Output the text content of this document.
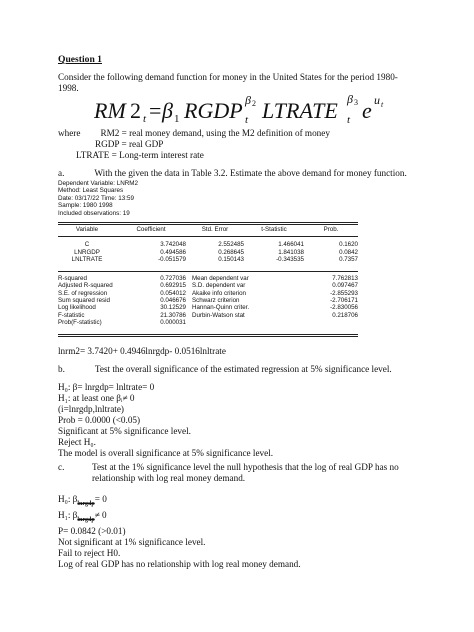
Question 1
Consider the following demand function for money in the United States for the period 1980-1998.
RM 2 t = β 1 RGDP t
β 2 LTRATE t
β 3 e u t
where RM2 = real money demand, using the M2 definition of money
RGDP = real GDP
LTRATE = Long-term interest rate
a.	With the given the data in Table 3.2. Estimate the above demand for money function.
Dependent Variable: LNRM2
Method: Least Squares
Date: 03/17/22 Time: 13:59
Sample: 1980 1998
Included observations: 19
Variable	Coefficient	Std. Error	t-Statistic	Prob.

C	3.742048	2.552485	1.466041	0.1620
LNRGDP	0.494586	0.268645	1.841038	0.0842
LNLTRATE	-0.051579	0.150143	-0.343535	0.7357

R-squared	0.727036	Mean dependent var		7.762813
Adjusted R-squared	0.692915	S.D. dependent var		0.097467
S.E. of regression	0.054012	Akaike info criterion		-2.855293
Sum squared resid	0.046676	Schwarz criterion		-2.706171
Log likelihood	30.12529	Hannan-Quinn criter.		-2.830056
F-statistic	21.30786	Durbin-Watson stat		0.218706
Prob(F-statistic)	0.000031			
lnrm2= 3.7420+ 0.4946lnrgdp- 0.0516lnltrate
b.	Test the overall significance of the estimated regression at 5% significance level.
H₀: β= lnrgdp= lnltrate= 0
H₁: at least one βᵢ≠ 0
(i=lnrgdp,lnltrate)
Prob = 0.0000 (<0.05)
Significant at 5% significance level.
Reject H₀.
The model is overall significance at 5% significance level.
c.	Test at the 1% significance level the null hypothesis that the log of real GDP has no relationship with log real money demand.
H₀: $\beta_{lnrgdp}= 0$
H₁: $\beta_{lnrgdp}\ne 0$
P= 0.0842 (>0.01)
Not significant at 1% significance level.
Fail to reject H0.
Log of real GDP has no relationship with log real money demand.
